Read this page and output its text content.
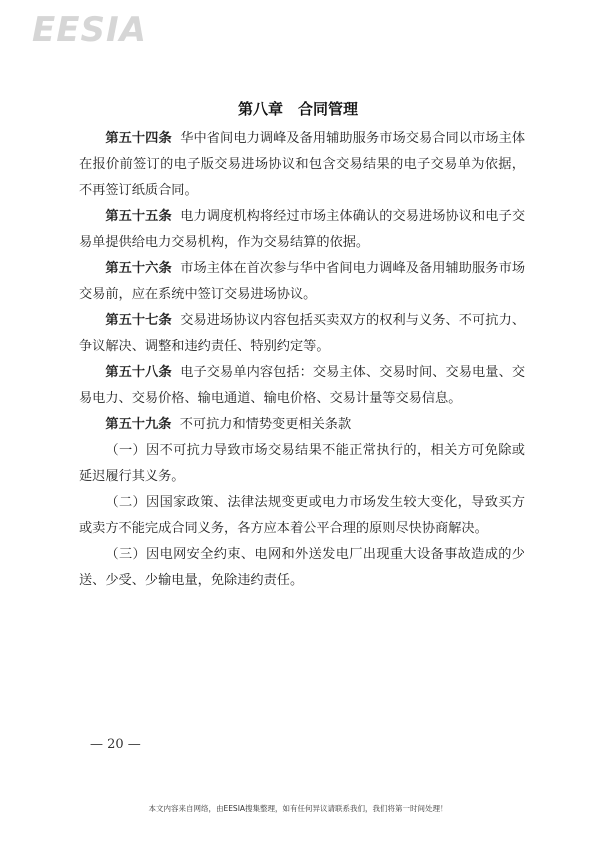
EESIA
第八章　合同管理

第五十四条 华中省间电力调峰及备用辅助服务市场交易合同以市场主体在报价前签订的电子版交易进场协议和包含交易结果的电子交易单为依据，不再签订纸质合同。

第五十五条 电力调度机构将经过市场主体确认的交易进场协议和电子交易单提供给电力交易机构，作为交易结算的依据。

第五十六条 市场主体在首次参与华中省间电力调峰及备用辅助服务市场交易前，应在系统中签订交易进场协议。

第五十七条 交易进场协议内容包括买卖双方的权利与义务、不可抗力、争议解决、调整和违约责任、特别约定等。

第五十八条 电子交易单内容包括：交易主体、交易时间、交易电量、交易电力、交易价格、输电通道、输电价格、交易计量等交易信息。

第五十九条 不可抗力和情势变更相关条款

（一）因不可抗力导致市场交易结果不能正常执行的，相关方可免除或延迟履行其义务。

（二）因国家政策、法律法规变更或电力市场发生较大变化，导致买方或卖方不能完成合同义务，各方应本着公平合理的原则尽快协商解决。

（三）因电网安全约束、电网和外送发电厂出现重大设备事故造成的少送、少受、少输电量，免除违约责任。

— 20 —
本文内容来自网络，由EESIA搜集整理，如有任何异议请联系我们，我们将第一时间处理！
